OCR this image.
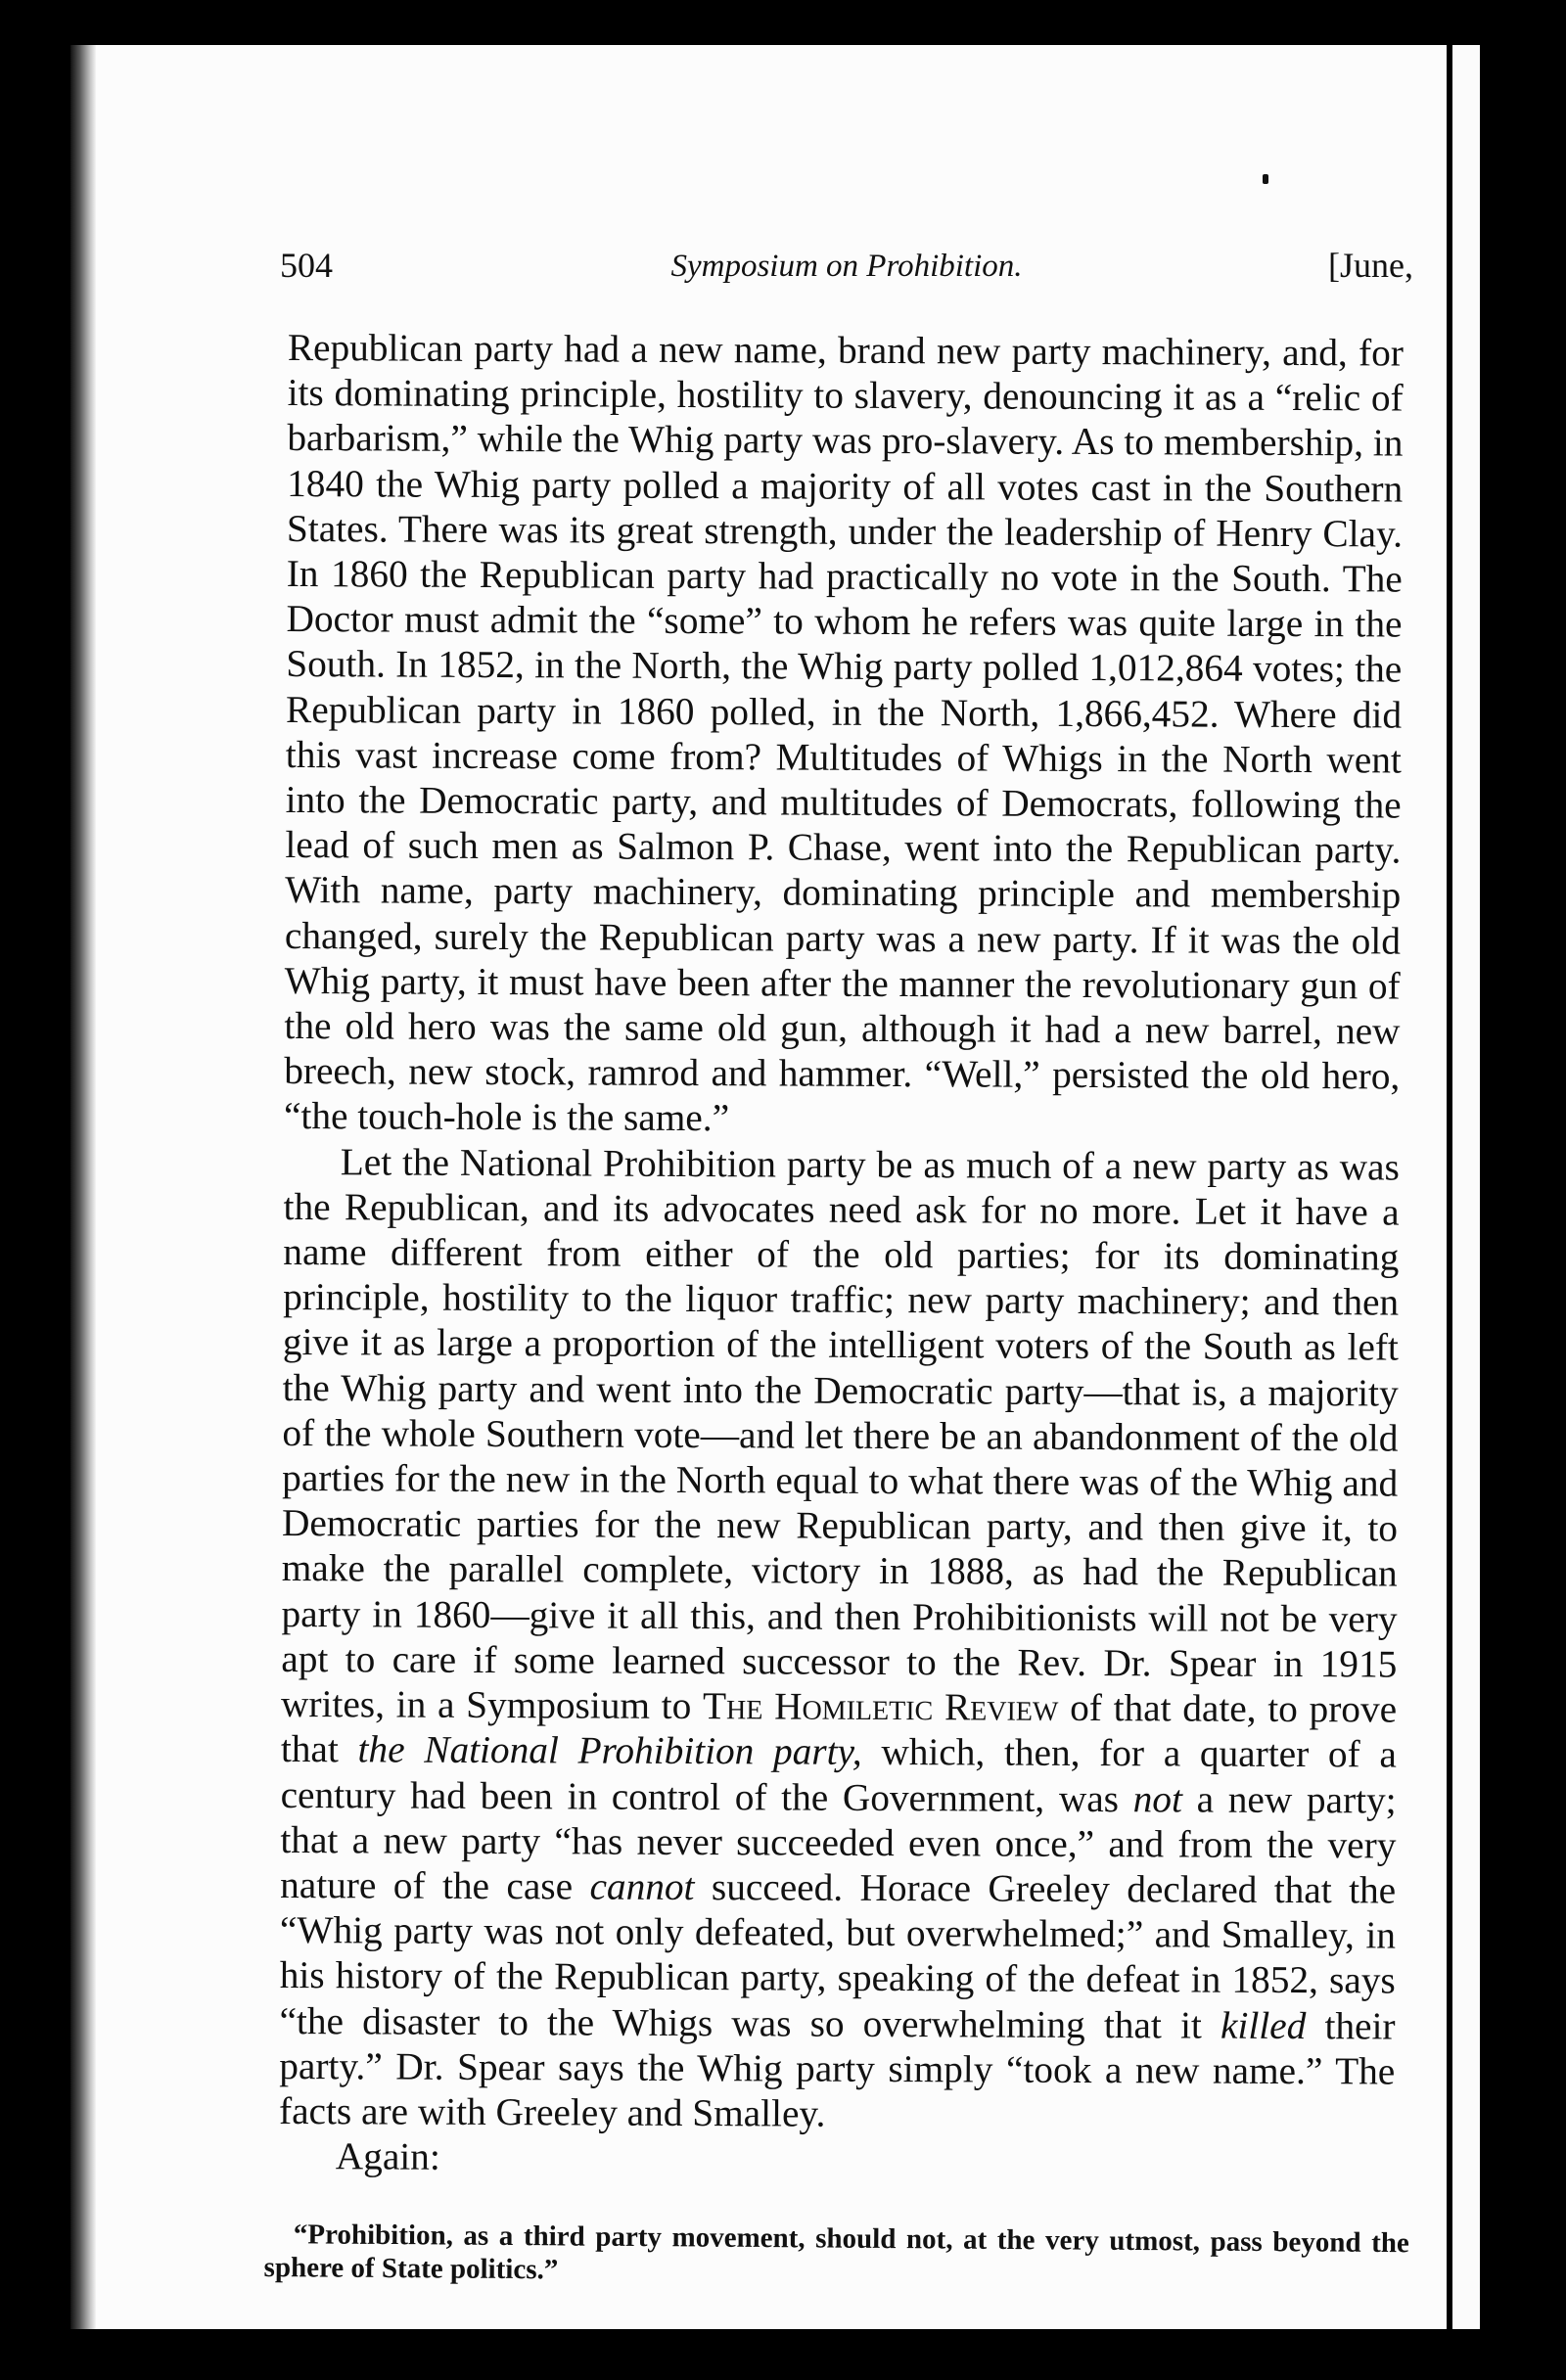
504	Symposium on Prohibition.	[June,

Republican party had a new name, brand new party machinery, and, for its dominating principle, hostility to slavery, denouncing it as a “relic of barbarism,” while the Whig party was pro-slavery. As to membership, in 1840 the Whig party polled a majority of all votes cast in the Southern States. There was its great strength, under the leadership of Henry Clay. In 1860 the Republican party had practically no vote in the South. The Doctor must admit the “some” to whom he refers was quite large in the South. In 1852, in the North, the Whig party polled 1,012,864 votes; the Republican party in 1860 polled, in the North, 1,866,452. Where did this vast increase come from? Multitudes of Whigs in the North went into the Democratic party, and multitudes of Democrats, following the lead of such men as Salmon P. Chase, went into the Republican party. With name, party machinery, dominating principle and membership changed, surely the Republican party was a new party. If it was the old Whig party, it must have been after the manner the revolutionary gun of the old hero was the same old gun, although it had a new barrel, new breech, new stock, ramrod and hammer. “Well,” persisted the old hero, “the touch-hole is the same.”

Let the National Prohibition party be as much of a new party as was the Republican, and its advocates need ask for no more. Let it have a name different from either of the old parties; for its dominating principle, hostility to the liquor traffic; new party machinery; and then give it as large a proportion of the intelligent voters of the South as left the Whig party and went into the Democratic party—that is, a majority of the whole Southern vote—and let there be an abandonment of the old parties for the new in the North equal to what there was of the Whig and Democratic parties for the new Republican party, and then give it, to make the parallel complete, victory in 1888, as had the Republican party in 1860—give it all this, and then Prohibitionists will not be very apt to care if some learned successor to the Rev. Dr. Spear in 1915 writes, in a Symposium to The Homiletic Review of that date, to prove that the National Prohibition party, which, then, for a quarter of a century had been in control of the Government, was not a new party; that a new party “has never succeeded even once,” and from the very nature of the case cannot succeed. Horace Greeley declared that the “Whig party was not only defeated, but overwhelmed;” and Smalley, in his history of the Republican party, speaking of the defeat in 1852, says “the disaster to the Whigs was so overwhelming that it killed their party.” Dr. Spear says the Whig party simply “took a new name.” The facts are with Greeley and Smalley.

Again:

“Prohibition, as a third party movement, should not, at the very utmost, pass beyond the sphere of State politics.”
